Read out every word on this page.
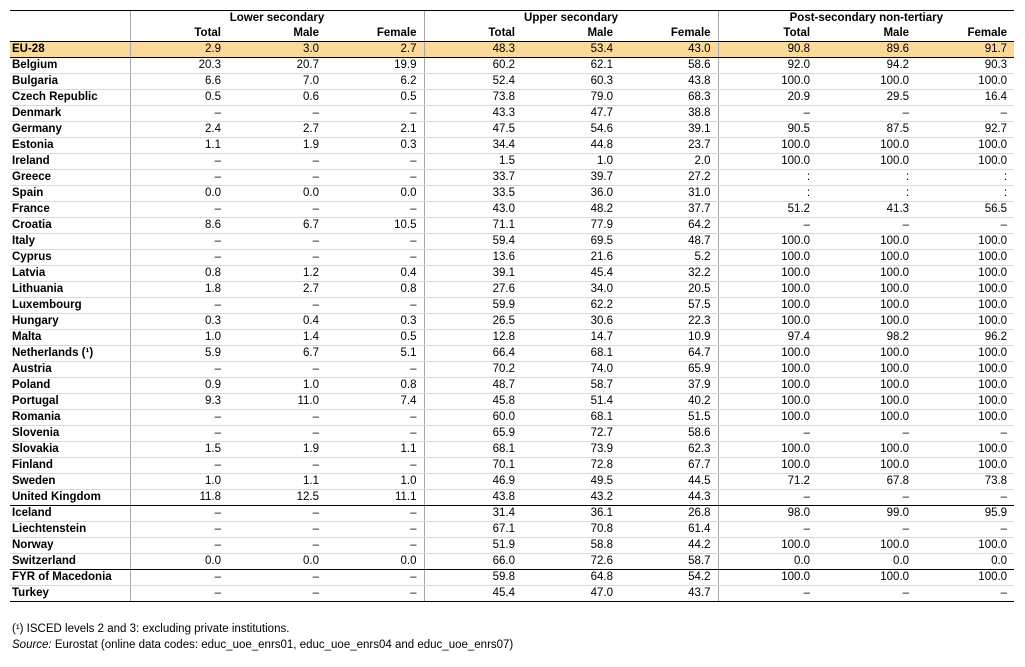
	Lower secondary			Upper secondary			Post-secondary non-tertiary		
	Total	Male	Female	Total	Male	Female	Total	Male	Female
EU-28	2.9	3.0	2.7	48.3	53.4	43.0	90.8	89.6	91.7
Belgium	20.3	20.7	19.9	60.2	62.1	58.6	92.0	94.2	90.3
Bulgaria	6.6	7.0	6.2	52.4	60.3	43.8	100.0	100.0	100.0
Czech Republic	0.5	0.6	0.5	73.8	79.0	68.3	20.9	29.5	16.4
Denmark	–	–	–	43.3	47.7	38.8	–	–	–
Germany	2.4	2.7	2.1	47.5	54.6	39.1	90.5	87.5	92.7
Estonia	1.1	1.9	0.3	34.4	44.8	23.7	100.0	100.0	100.0
Ireland	–	–	–	1.5	1.0	2.0	100.0	100.0	100.0
Greece	–	–	–	33.7	39.7	27.2	:	:	:
Spain	0.0	0.0	0.0	33.5	36.0	31.0	:	:	:
France	–	–	–	43.0	48.2	37.7	51.2	41.3	56.5
Croatia	8.6	6.7	10.5	71.1	77.9	64.2	–	–	–
Italy	–	–	–	59.4	69.5	48.7	100.0	100.0	100.0
Cyprus	–	–	–	13.6	21.6	5.2	100.0	100.0	100.0
Latvia	0.8	1.2	0.4	39.1	45.4	32.2	100.0	100.0	100.0
Lithuania	1.8	2.7	0.8	27.6	34.0	20.5	100.0	100.0	100.0
Luxembourg	–	–	–	59.9	62.2	57.5	100.0	100.0	100.0
Hungary	0.3	0.4	0.3	26.5	30.6	22.3	100.0	100.0	100.0
Malta	1.0	1.4	0.5	12.8	14.7	10.9	97.4	98.2	96.2
Netherlands (¹)	5.9	6.7	5.1	66.4	68.1	64.7	100.0	100.0	100.0
Austria	–	–	–	70.2	74.0	65.9	100.0	100.0	100.0
Poland	0.9	1.0	0.8	48.7	58.7	37.9	100.0	100.0	100.0
Portugal	9.3	11.0	7.4	45.8	51.4	40.2	100.0	100.0	100.0
Romania	–	–	–	60.0	68.1	51.5	100.0	100.0	100.0
Slovenia	–	–	–	65.9	72.7	58.6	–	–	–
Slovakia	1.5	1.9	1.1	68.1	73.9	62.3	100.0	100.0	100.0
Finland	–	–	–	70.1	72.8	67.7	100.0	100.0	100.0
Sweden	1.0	1.1	1.0	46.9	49.5	44.5	71.2	67.8	73.8
United Kingdom	11.8	12.5	11.1	43.8	43.2	44.3	–	–	–
Iceland	–	–	–	31.4	36.1	26.8	98.0	99.0	95.9
Liechtenstein	–	–	–	67.1	70.8	61.4	–	–	–
Norway	–	–	–	51.9	58.8	44.2	100.0	100.0	100.0
Switzerland	0.0	0.0	0.0	66.0	72.6	58.7	0.0	0.0	0.0
FYR of Macedonia	–	–	–	59.8	64.8	54.2	100.0	100.0	100.0
Turkey	–	–	–	45.4	47.0	43.7	–	–	–
(¹) ISCED levels 2 and 3: excluding private institutions.
Source: Eurostat (online data codes: educ_uoe_enrs01, educ_uoe_enrs04 and educ_uoe_enrs07)
